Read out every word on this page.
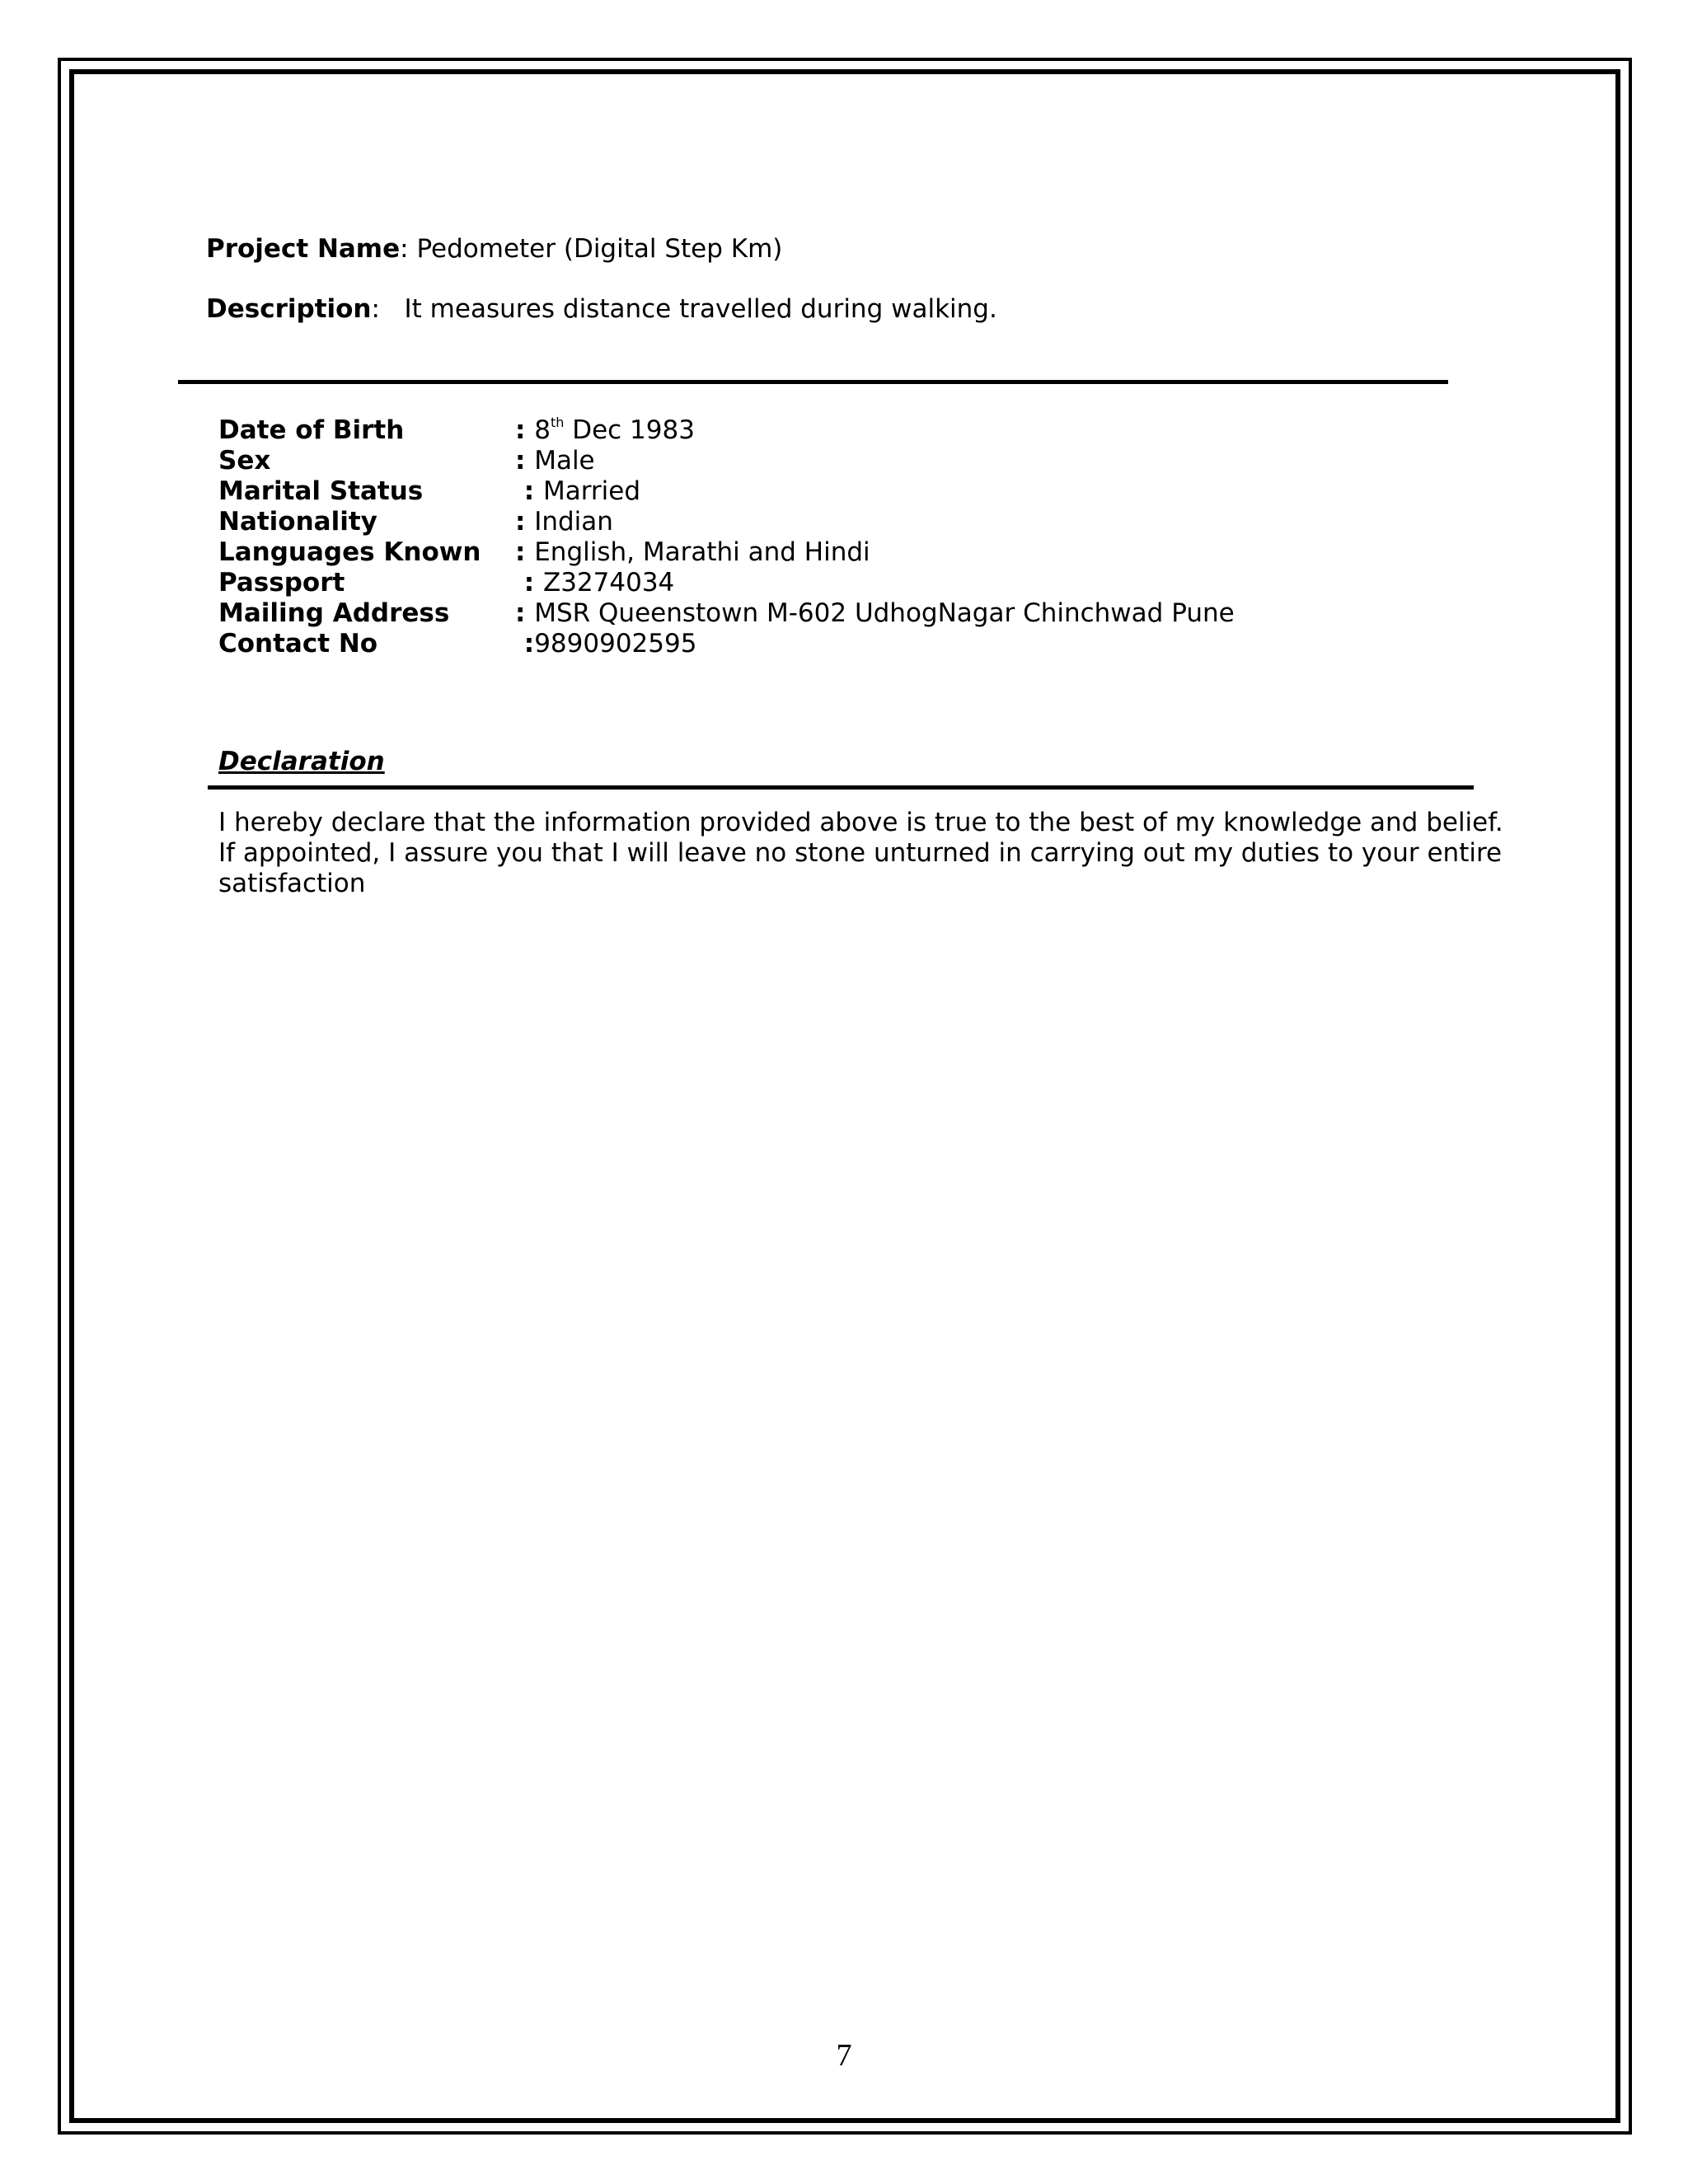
Project Name: Pedometer (Digital Step Km)
Description:   It measures distance travelled during walking.
Date of Birth	: 8th Dec 1983
Sex	: Male
Marital Status	: Married
Nationality	: Indian
Languages Known	: English, Marathi and Hindi
Passport	: Z3274034
Mailing Address	: MSR Queenstown M-602 UdhogNagar Chinchwad Pune
Contact No	:9890902595
Declaration
I hereby declare that the information provided above is true to the best of my knowledge and belief.
If appointed, I assure you that I will leave no stone unturned in carrying out my duties to your entire
satisfaction
7
